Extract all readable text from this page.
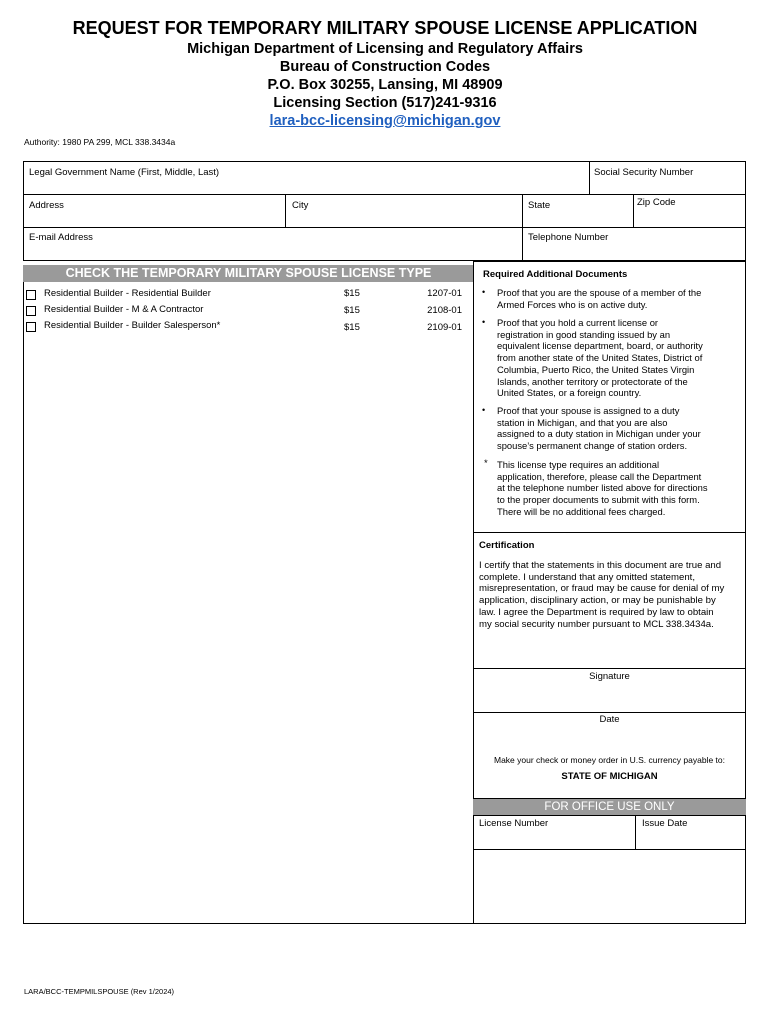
REQUEST FOR TEMPORARY MILITARY SPOUSE LICENSE APPLICATION
Michigan Department of Licensing and Regulatory Affairs
Bureau of Construction Codes
P.O. Box 30255, Lansing, MI 48909
Licensing Section (517)241-9316
lara-bcc-licensing@michigan.gov
Authority: 1980 PA 299, MCL 338.3434a
Legal Government Name (First, Middle, Last)	Social Security Number
Address	City	State	Zip Code
E-mail Address	Telephone Number
CHECK THE TEMPORARY MILITARY SPOUSE LICENSE TYPE
Residential Builder - Residential Builder	$15	1207-01
Residential Builder - M & A Contractor	$15	2108-01
Residential Builder - Builder Salesperson*	$15	2109-01
Required Additional Documents
• Proof that you are the spouse of a member of the
Armed Forces who is on active duty.
• Proof that you hold a current license or
registration in good standing issued by an
equivalent license department, board, or authority
from another state of the United States, District of
Columbia, Puerto Rico, the United States Virgin
Islands, another territory or protectorate of the
United States, or a foreign country.
• Proof that your spouse is assigned to a duty
station in Michigan, and that you are also
assigned to a duty station in Michigan under your
spouse’s permanent change of station orders.
* This license type requires an additional
application, therefore, please call the Department
at the telephone number listed above for directions
to the proper documents to submit with this form.
There will be no additional fees charged.
Certification
I certify that the statements in this document are true and
complete. I understand that any omitted statement,
misrepresentation, or fraud may be cause for denial of my
application, disciplinary action, or may be punishable by
law. I agree the Department is required by law to obtain
my social security number pursuant to MCL 338.3434a.
Signature
Date
Make your check or money order in U.S. currency payable to:
STATE OF MICHIGAN
FOR OFFICE USE ONLY
License Number	Issue Date
LARA/BCC-TEMPMILSPOUSE (Rev 1/2024)
